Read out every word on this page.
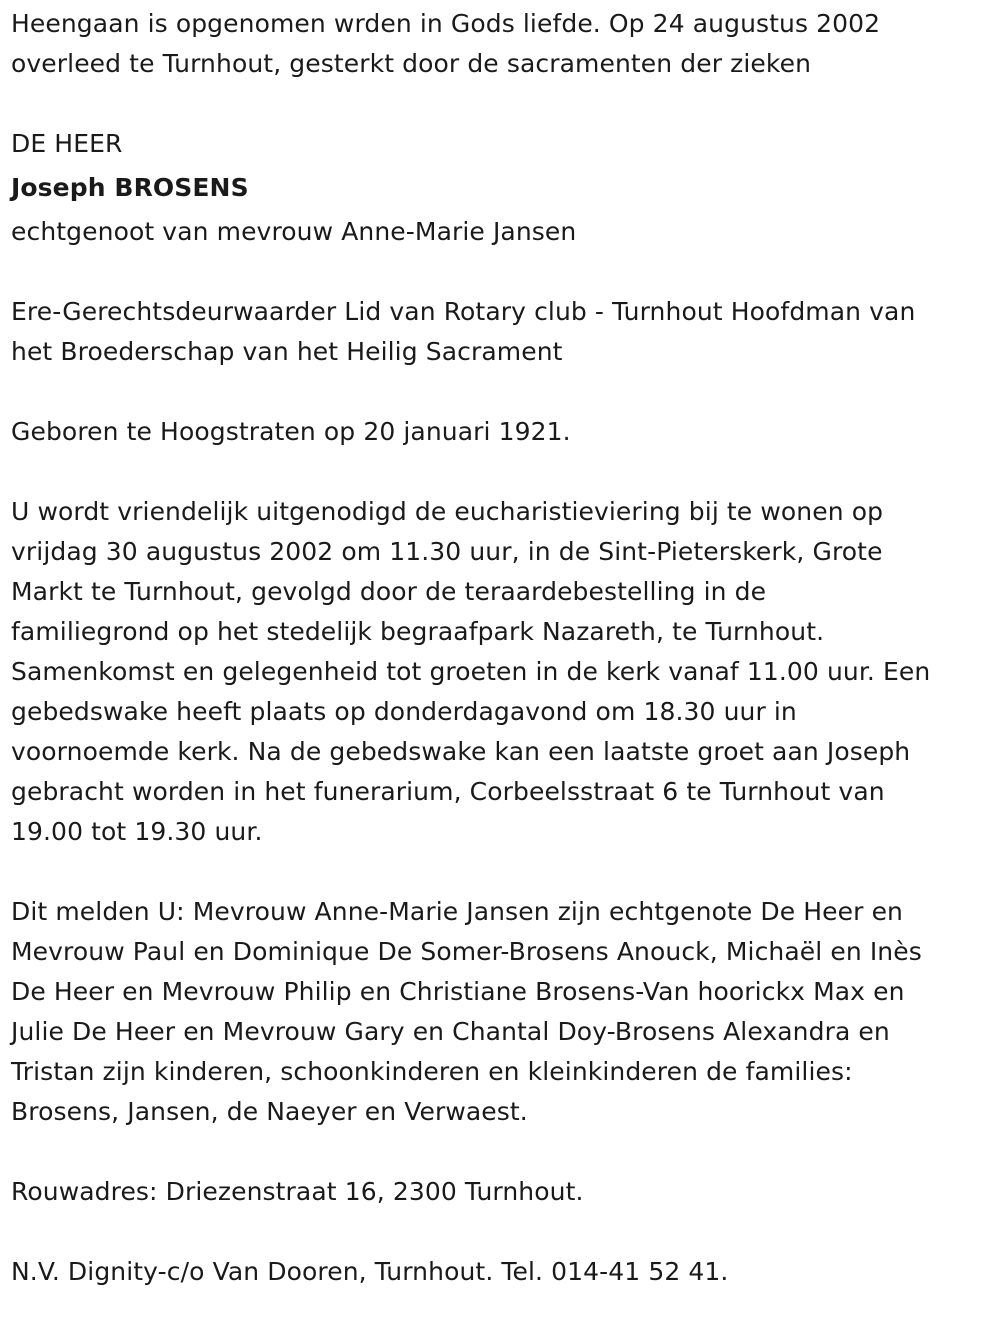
Heengaan is opgenomen wrden in Gods liefde. Op 24 augustus 2002

overleed te Turnhout, gesterkt door de sacramenten der zieken

DE HEER

Joseph BROSENS

echtgenoot van mevrouw Anne-Marie Jansen

Ere-Gerechtsdeurwaarder Lid van Rotary club - Turnhout Hoofdman van

het Broederschap van het Heilig Sacrament

Geboren te Hoogstraten op 20 januari 1921.

U wordt vriendelijk uitgenodigd de eucharistieviering bij te wonen op

vrijdag 30 augustus 2002 om 11.30 uur, in de Sint-Pieterskerk, Grote

Markt te Turnhout, gevolgd door de teraardebestelling in de

familiegrond op het stedelijk begraafpark Nazareth, te Turnhout.

Samenkomst en gelegenheid tot groeten in de kerk vanaf 11.00 uur. Een

gebedswake heeft plaats op donderdagavond om 18.30 uur in

voornoemde kerk. Na de gebedswake kan een laatste groet aan Joseph

gebracht worden in het funerarium, Corbeelsstraat 6 te Turnhout van

19.00 tot 19.30 uur.

Dit melden U: Mevrouw Anne-Marie Jansen zijn echtgenote De Heer en

Mevrouw Paul en Dominique De Somer-Brosens Anouck, Michaël en Inès

De Heer en Mevrouw Philip en Christiane Brosens-Van hoorickx Max en

Julie De Heer en Mevrouw Gary en Chantal Doy-Brosens Alexandra en

Tristan zijn kinderen, schoonkinderen en kleinkinderen de families:

Brosens, Jansen, de Naeyer en Verwaest.

Rouwadres: Driezenstraat 16, 2300 Turnhout.

N.V. Dignity-c/o Van Dooren, Turnhout. Tel. 014-41 52 41.
